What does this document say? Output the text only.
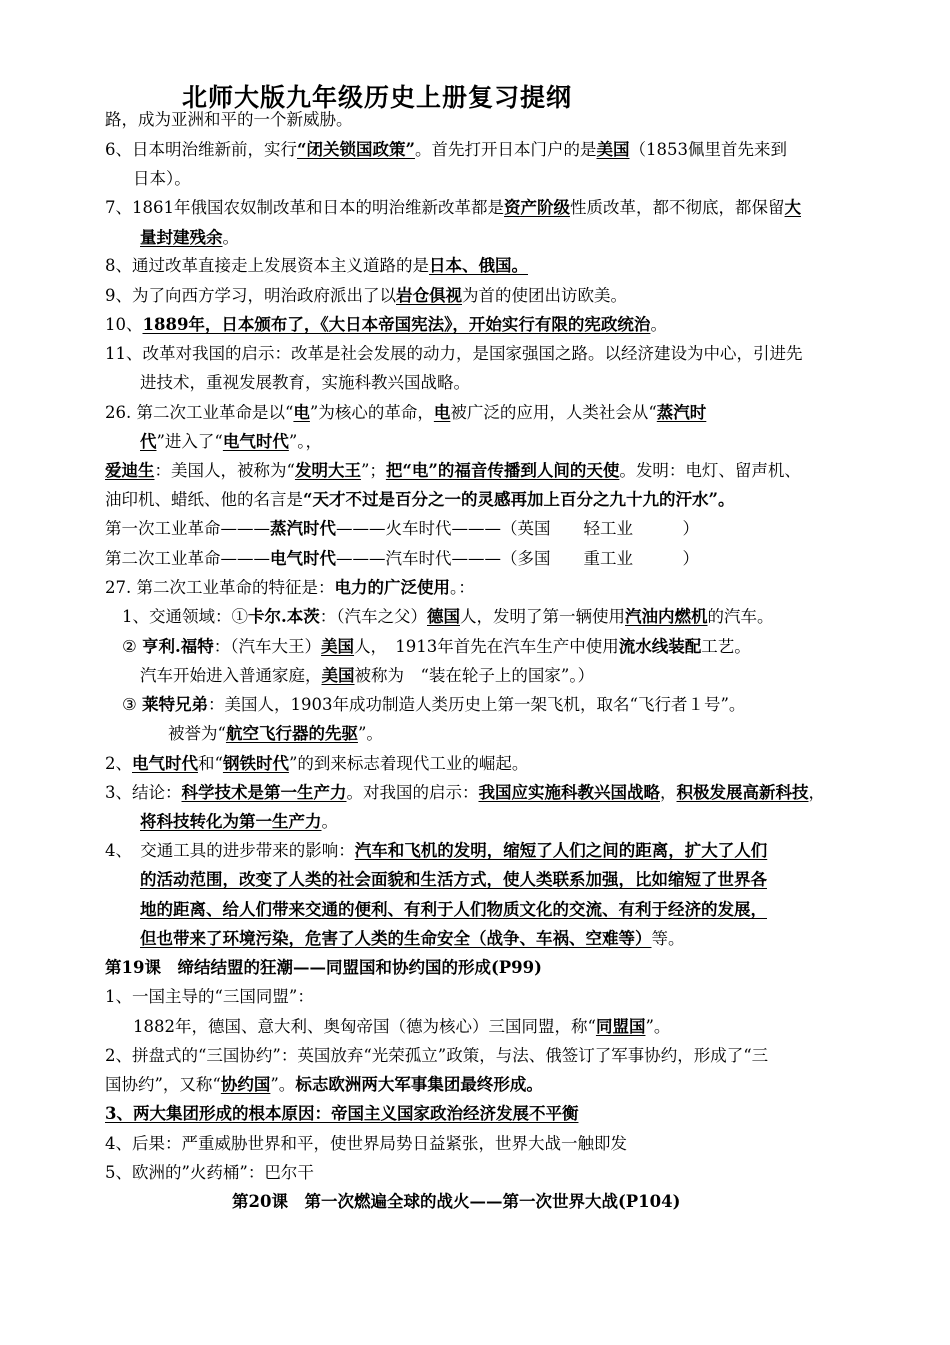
北师大版九年级历史上册复习提纲
路，成为亚洲和平的一个新威胁。
6、日本明治维新前，实行“闭关锁国政策”。首先打开日本门户的是美国（1853佩里首先来到
日本）。
7、1861年俄国农奴制改革和日本的明治维新改革都是资产阶级性质改革，都不彻底，都保留大
量封建残余。
8、通过改革直接走上发展资本主义道路的是日本、俄国。
9、为了向西方学习，明治政府派出了以岩仓俱视为首的使团出访欧美。
10、1889年，日本颁布了，《大日本帝国宪法》，开始实行有限的宪政统治。
11、改革对我国的启示：改革是社会发展的动力，是国家强国之路。以经济建设为中心，引进先
进技术，重视发展教育，实施科教兴国战略。
26. 第二次工业革命是以“电”为核心的革命，电被广泛的应用，人类社会从“蒸汽时
代”进入了“电气时代”。，
爱迪生：美国人，被称为“发明大王”；把“电”的福音传播到人间的天使。发明：电灯、留声机、
油印机、蜡纸、他的名言是“天才不过是百分之一的灵感再加上百分之九十九的汗水”。
第一次工业革命———蒸汽时代———火车时代———（英国　　轻工业　　　）
第二次工业革命———电气时代———汽车时代———（多国　　重工业　　　）
27. 第二次工业革命的特征是：电力的广泛使用。：
1、交通领域：①卡尔.本茨：（汽车之父）德国人，发明了第一辆使用汽油内燃机的汽车。
② 亨利.福特：（汽车大王）美国人，　1913年首先在汽车生产中使用流水线装配工艺。
汽车开始进入普通家庭，美国被称为　“装在轮子上的国家”。）
③ 莱特兄弟：美国人，1903年成功制造人类历史上第一架飞机，取名“飞行者１号”。
被誉为“航空飞行器的先驱”。
2、电气时代和“钢铁时代”的到来标志着现代工业的崛起。
3、结论：科学技术是第一生产力。对我国的启示：我国应实施科教兴国战略，积极发展高新科技，
将科技转化为第一生产力。
4、　交通工具的进步带来的影响：汽车和飞机的发明，缩短了人们之间的距离，扩大了人们
的活动范围，改变了人类的社会面貌和生活方式，使人类联系加强，比如缩短了世界各
地的距离、给人们带来交通的便利、有利于人们物质文化的交流、有利于经济的发展，
但也带来了环境污染，危害了人类的生命安全（战争、车祸、空难等）等。
第19课　缔结结盟的狂潮——同盟国和协约国的形成(P99)
1、一国主导的“三国同盟”：
1882年，德国、意大利、奥匈帝国（德为核心）三国同盟，称“同盟国”。
2、拼盘式的“三国协约”：英国放弃“光荣孤立”政策，与法、俄签订了军事协约，形成了“三
国协约”，又称“协约国”。标志欧洲两大军事集团最终形成。
3、两大集团形成的根本原因：帝国主义国家政治经济发展不平衡
4、后果：严重威胁世界和平，使世界局势日益紧张，世界大战一触即发
5、欧洲的”火药桶”：巴尔干
第20课　第一次燃遍全球的战火——第一次世界大战(P104)
